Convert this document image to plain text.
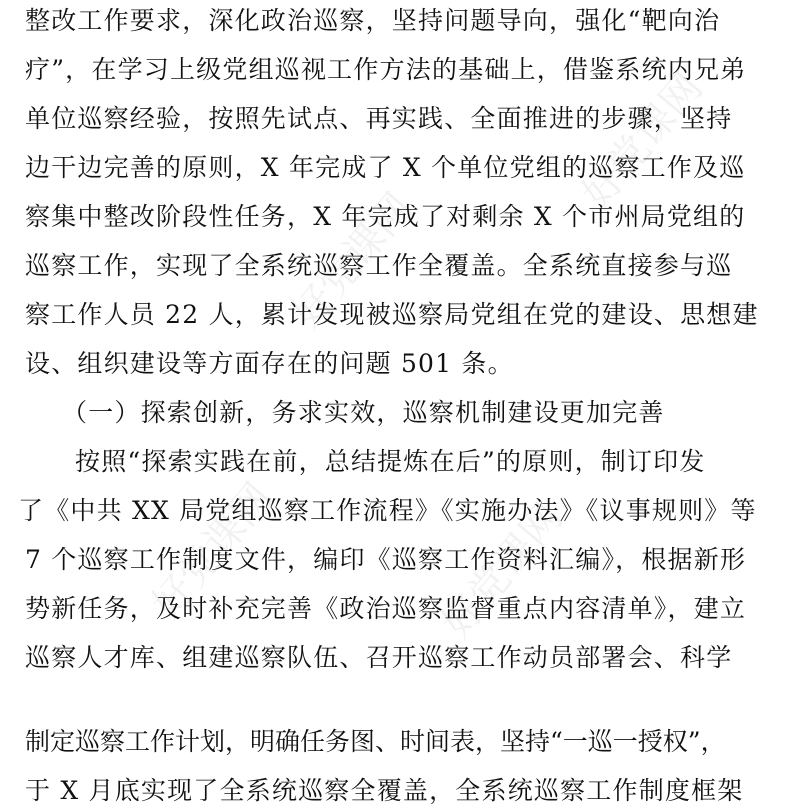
好党课网
好党课网
好党课网	好党课网
整改工作要求，深化政治巡察，坚持问题导向，强化“靶向治
疗”，在学习上级党组巡视工作方法的基础上，借鉴系统内兄弟
单位巡察经验，按照先试点、再实践、全面推进的步骤，坚持
边干边完善的原则，X 年完成了 X 个单位党组的巡察工作及巡
察集中整改阶段性任务，X 年完成了对剩余 X 个市州局党组的
巡察工作，实现了全系统巡察工作全覆盖。全系统直接参与巡
察工作人员 22 人，累计发现被巡察局党组在党的建设、思想建
设、组织建设等方面存在的问题 501 条。
（一）探索创新，务求实效，巡察机制建设更加完善
按照“探索实践在前，总结提炼在后”的原则，制订印发
了《中共 XX 局党组巡察工作流程》《实施办法》《议事规则》等
7 个巡察工作制度文件，编印《巡察工作资料汇编》，根据新形
势新任务，及时补充完善《政治巡察监督重点内容清单》，建立
巡察人才库、组建巡察队伍、召开巡察工作动员部署会、科学
制定巡察工作计划，明确任务图、时间表，坚持“一巡一授权”，
于 X 月底实现了全系统巡察全覆盖，全系统巡察工作制度框架
